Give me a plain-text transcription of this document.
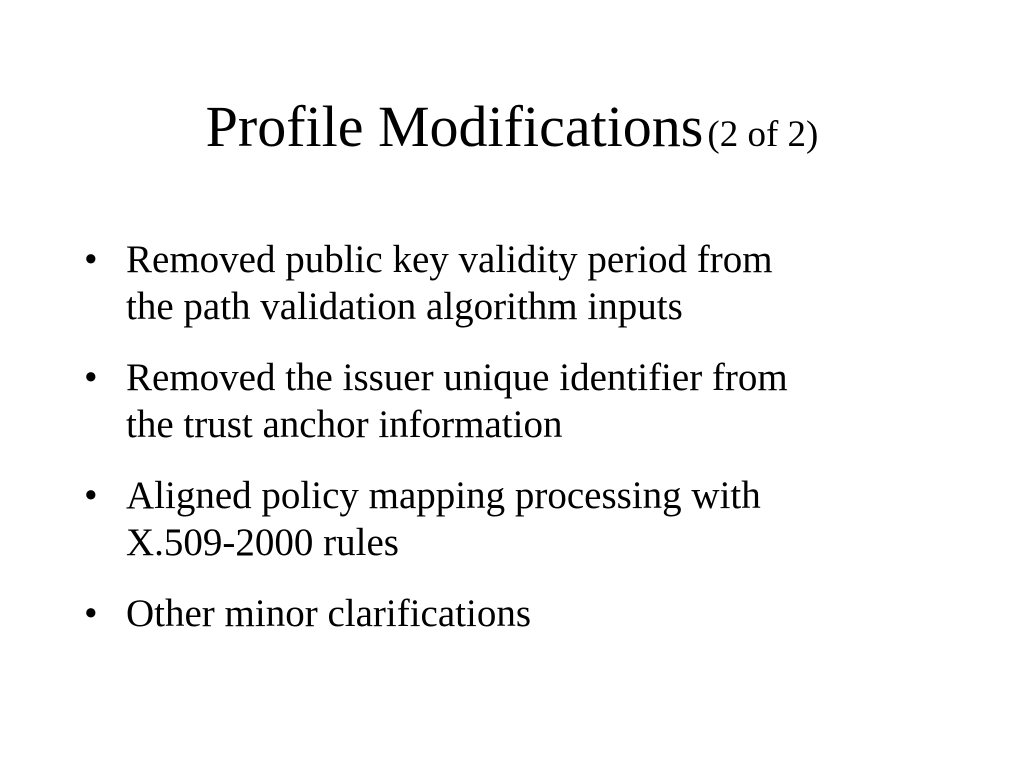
Profile Modifications (2 of 2)
• Removed public key validity period from
the path validation algorithm inputs
• Removed the issuer unique identifier from
the trust anchor information
• Aligned policy mapping processing with
X.509-2000 rules
• Other minor clarifications
